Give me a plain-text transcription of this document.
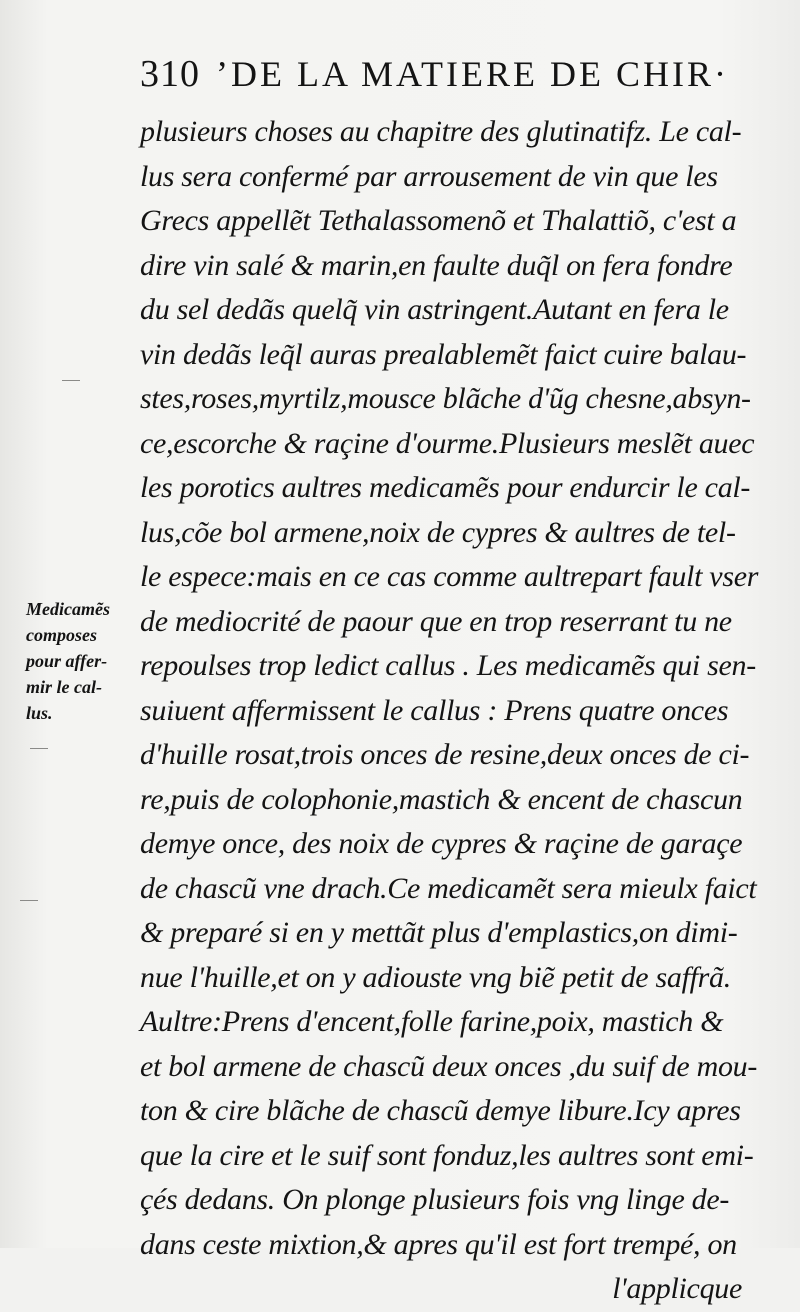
310 ʼDE LA MATIERE DE CHIR·
Medicamẽs
composes
pour affer-
mir le cal-
lus.
plusieurs choses au chapitre des glutinatifz. Le cal-
lus sera confermé par arrousement de vin que les
Grecs appellẽt Tethalassomenõ et Thalattiõ, c'est a
dire vin salé & marin,en faulte duq̃l on fera fondre
du sel dedãs quelq̃ vin astringent.Autant en fera le
vin dedãs leq̃l auras prealablemẽt faict cuire balau-
stes,roses,myrtilz,mousce blãche d'ũg chesne,absyn-
ce,escorche & raçine d'ourme.Plusieurs meslẽt auec
les porotics aultres medicamẽs pour endurcir le cal-
lus,cõe bol armene,noix de cypres & aultres de tel-
le espece:mais en ce cas comme aultrepart fault vser
de mediocrité de paour que en trop reserrant tu ne
repoulses trop ledict callus . Les medicamẽs qui sen-
suiuent affermissent le callus : Prens quatre onces
d'huille rosat,trois onces de resine,deux onces de ci-
re,puis de colophonie,mastich & encent de chascun
demye once, des noix de cypres & raçine de garaçe
de chascũ vne drach.Ce medicamẽt sera mieulx faict
& preparé si en y mettãt plus d'emplastics,on dimi-
nue l'huille,et on y adiouste vng biẽ petit de saffrã.
Aultre:Prens d'encent,folle farine,poix, mastich &
et bol armene de chascũ deux onces ,du suif de mou-
ton & cire blãche de chascũ demye libure.Icy apres
que la cire et le suif sont fonduz,les aultres sont emi-
çés dedans. On plonge plusieurs fois vng linge de-
dans ceste mixtion,& apres qu'il est fort trempé, on
l'applicque
